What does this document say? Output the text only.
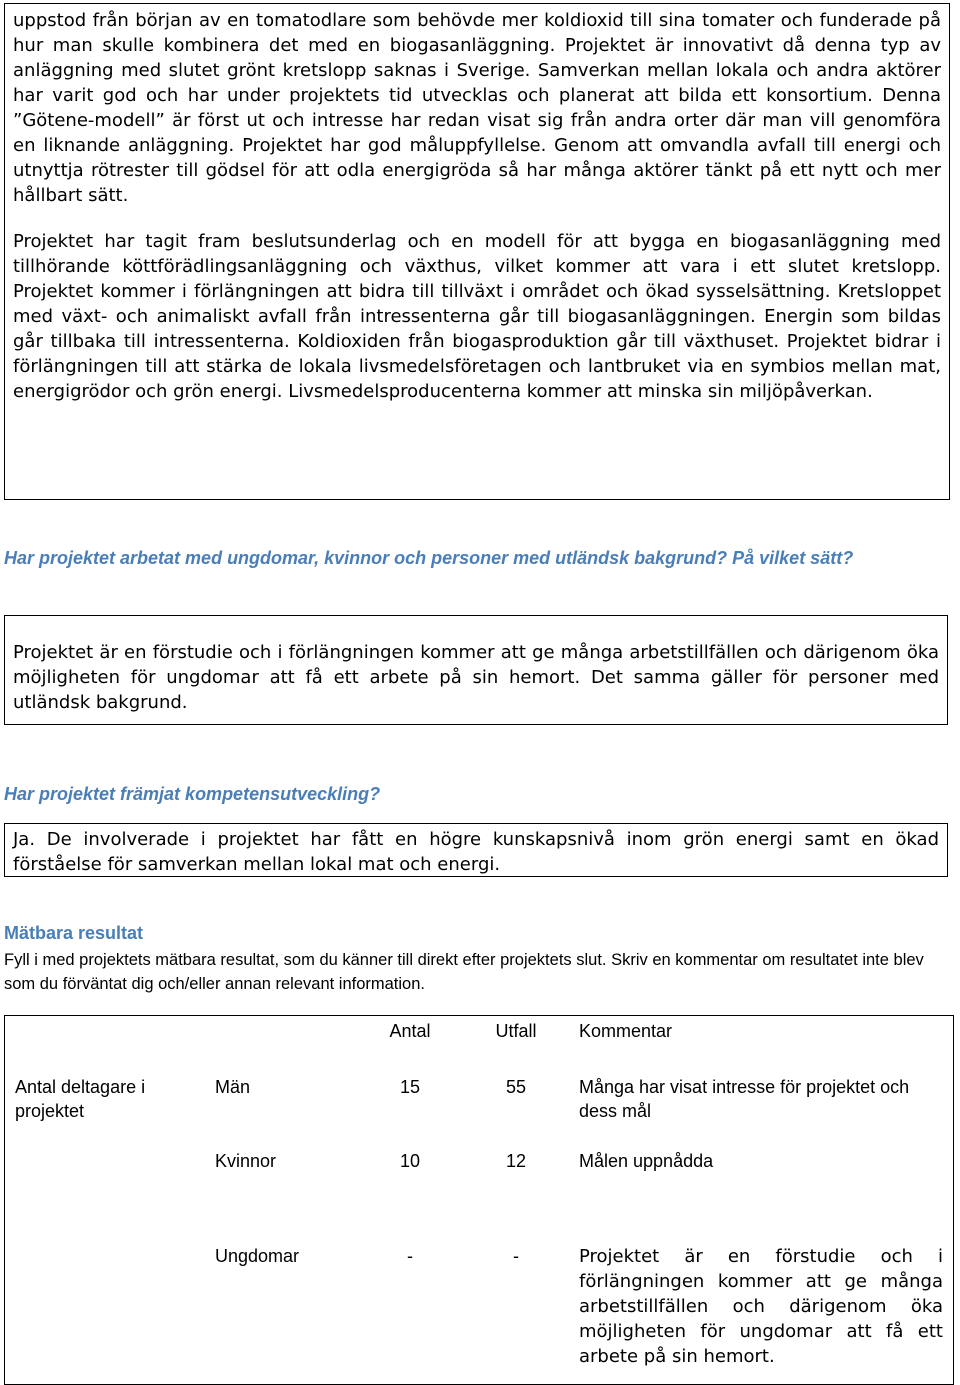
uppstod från början av en tomatodlare som behövde mer koldioxid till sina tomater och funderade på hur man skulle kombinera det med en biogasanläggning. Projektet är innovativt då denna typ av anläggning med slutet grönt kretslopp saknas i Sverige. Samverkan mellan lokala och andra aktörer har varit god och har under projektets tid utvecklas och planerat att bilda ett konsortium. Denna ”Götene-modell” är först ut och intresse har redan visat sig från andra orter där man vill genomföra en liknande anläggning. Projektet har god måluppfyllelse. Genom att omvandla avfall till energi och utnyttja rötrester till gödsel för att odla energigröda så har många aktörer tänkt på ett nytt och mer hållbart sätt.

Projektet har tagit fram beslutsunderlag och en modell för att bygga en biogasanläggning med tillhörande köttförädlingsanläggning och växthus, vilket kommer att vara i ett slutet kretslopp. Projektet kommer i förlängningen att bidra till tillväxt i området och ökad sysselsättning. Kretsloppet med växt- och animaliskt avfall från intressenterna går till biogasanläggningen. Energin som bildas går tillbaka till intressenterna. Koldioxiden från biogasproduktion går till växthuset. Projektet bidrar i förlängningen till att stärka de lokala livsmedelsföretagen och lantbruket via en symbios mellan mat, energigrödor och grön energi. Livsmedelsproducenterna kommer att minska sin miljöpåverkan.

Har projektet arbetat med ungdomar, kvinnor och personer med utländsk bakgrund? På vilket sätt?

Projektet är en förstudie och i förlängningen kommer att ge många arbetstillfällen och därigenom öka möjligheten för ungdomar att få ett arbete på sin hemort. Det samma gäller för personer med utländsk bakgrund.

Har projektet främjat kompetensutveckling?

Ja. De involverade i projektet har fått en högre kunskapsnivå inom grön energi samt en ökad förståelse för samverkan mellan lokal mat och energi.

Mätbara resultat
Fyll i med projektets mätbara resultat, som du känner till direkt efter projektets slut. Skriv en kommentar om resultatet inte blev som du förväntat dig och/eller annan relevant information.
		Antal	Utfall	Kommentar
Antal deltagare i projektet	Män	15	55	Många har visat intresse för projektet och dess mål
	Kvinnor	10	12	Målen uppnådda
	Ungdomar	-	-	Projektet är en förstudie och i förlängningen kommer att ge många arbetstillfällen och därigenom öka möjligheten för ungdomar att få ett arbete på sin hemort.
